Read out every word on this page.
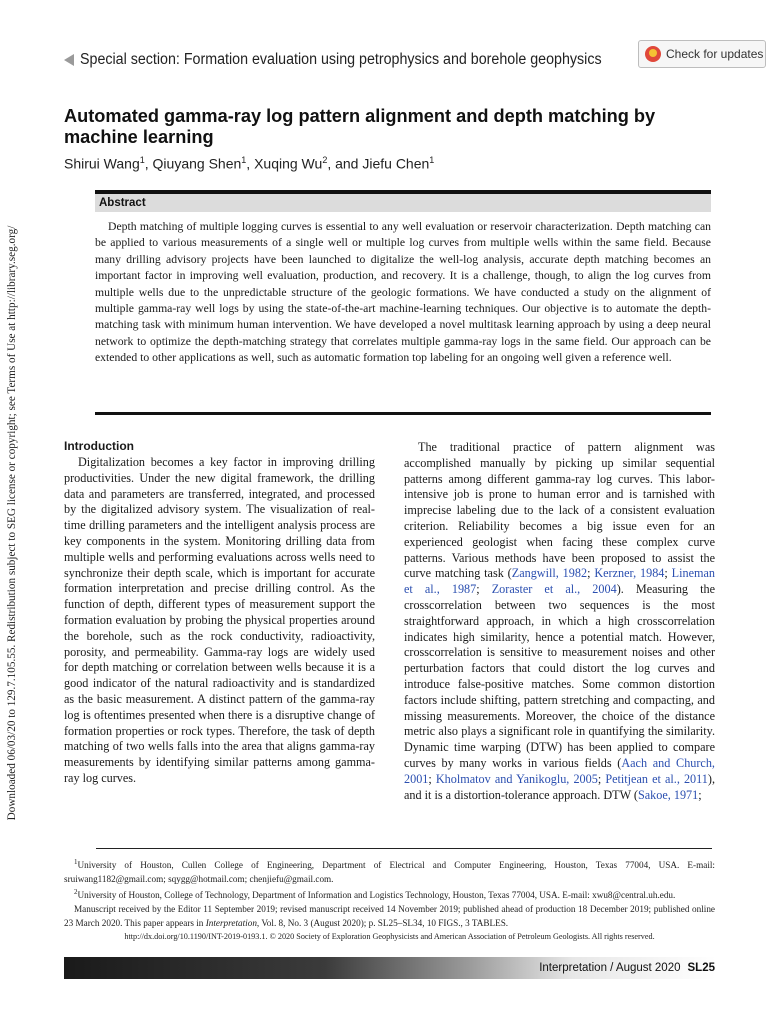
Downloaded 06/03/20 to 129.7.105.55. Redistribution subject to SEG license or copyright; see Terms of Use at http://library.seg.org/
Special section: Formation evaluation using petrophysics and borehole geophysics	Check for updates
Automated gamma-ray log pattern alignment and depth matching by machine learning
Shirui Wang$^1$, Qiuyang Shen$^1$, Xuqing Wu$^2$, and Jiefu Chen$^1$
Abstract

Depth matching of multiple logging curves is essential to any well evaluation or reservoir characterization. Depth matching can be applied to various measurements of a single well or multiple log curves from multiple wells within the same field. Because many drilling advisory projects have been launched to digitalize the well-log analysis, accurate depth matching becomes an important factor in improving well evaluation, production, and recovery. It is a challenge, though, to align the log curves from multiple wells due to the unpredictable structure of the geologic formations. We have conducted a study on the alignment of multiple gamma-ray well logs by using the state-of-the-art machine-learning techniques. Our objective is to automate the depth-matching task with minimum human intervention. We have developed a novel multitask learning approach by using a deep neural network to optimize the depth-matching strategy that correlates multiple gamma-ray logs in the same field. Our approach can be extended to other applications as well, such as automatic formation top labeling for an ongoing well given a reference well.

Introduction

Digitalization becomes a key factor in improving drilling productivities. Under the new digital framework, the drilling data and parameters are transferred, integrated, and processed by the digitalized advisory system. The visualization of real-time drilling parameters and the intelligent analysis process are key components in the system. Monitoring drilling data from multiple wells and performing evaluations across wells need to synchronize their depth scale, which is important for accurate formation interpretation and precise drilling control. As the function of depth, different types of measurement support the formation evaluation by probing the physical properties around the borehole, such as the rock conductivity, radioactivity, porosity, and permeability. Gamma-ray logs are widely used for depth matching or correlation between wells because it is a good indicator of the natural radioactivity and is standardized as the basic measurement. A distinct pattern of the gamma-ray log is oftentimes presented when there is a disruptive change of formation properties or rock types. Therefore, the task of depth matching of two wells falls into the area that aligns gamma-ray measurements by identifying similar patterns among gamma-ray log curves.

The traditional practice of pattern alignment was accomplished manually by picking up similar sequential patterns among different gamma-ray log curves. This labor-intensive job is prone to human error and is tarnished with imprecise labeling due to the lack of a consistent evaluation criterion. Reliability becomes a big issue even for an experienced geologist when facing these complex curve patterns. Various methods have been proposed to assist the curve matching task (Zangwill, 1982; Kerzner, 1984; Lineman et al., 1987; Zoraster et al., 2004). Measuring the crosscorrelation between two sequences is the most straightforward approach, in which a high crosscorrelation indicates high similarity, hence a potential match. However, crosscorrelation is sensitive to measurement noises and other perturbation factors that could distort the log curves and introduce false-positive matches. Some common distortion factors include shifting, pattern stretching and compacting, and missing measurements. Moreover, the choice of the distance metric also plays a significant role in quantifying the similarity. Dynamic time warping (DTW) has been applied to compare curves by many works in various fields (Aach and Church, 2001; Kholmatov and Yanikoglu, 2005; Petitjean et al., 2011), and it is a distortion-tolerance approach. DTW (Sakoe, 1971;

$^1$University of Houston, Cullen College of Engineering, Department of Electrical and Computer Engineering, Houston, Texas 77004, USA. E-mail: sruiwang1182@gmail.com; sqygg@hotmail.com; chenjiefu@gmail.com.

$^2$University of Houston, College of Technology, Department of Information and Logistics Technology, Houston, Texas 77004, USA. E-mail: xwu8@central.uh.edu.

Manuscript received by the Editor 11 September 2019; revised manuscript received 14 November 2019; published ahead of production 18 December 2019; published online 23 March 2020. This paper appears in Interpretation, Vol. 8, No. 3 (August 2020); p. SL25–SL34, 10 FIGS., 3 TABLES.

http://dx.doi.org/10.1190/INT-2019-0193.1. © 2020 Society of Exploration Geophysicists and American Association of Petroleum Geologists. All rights reserved.

Interpretation / August 2020 SL25
